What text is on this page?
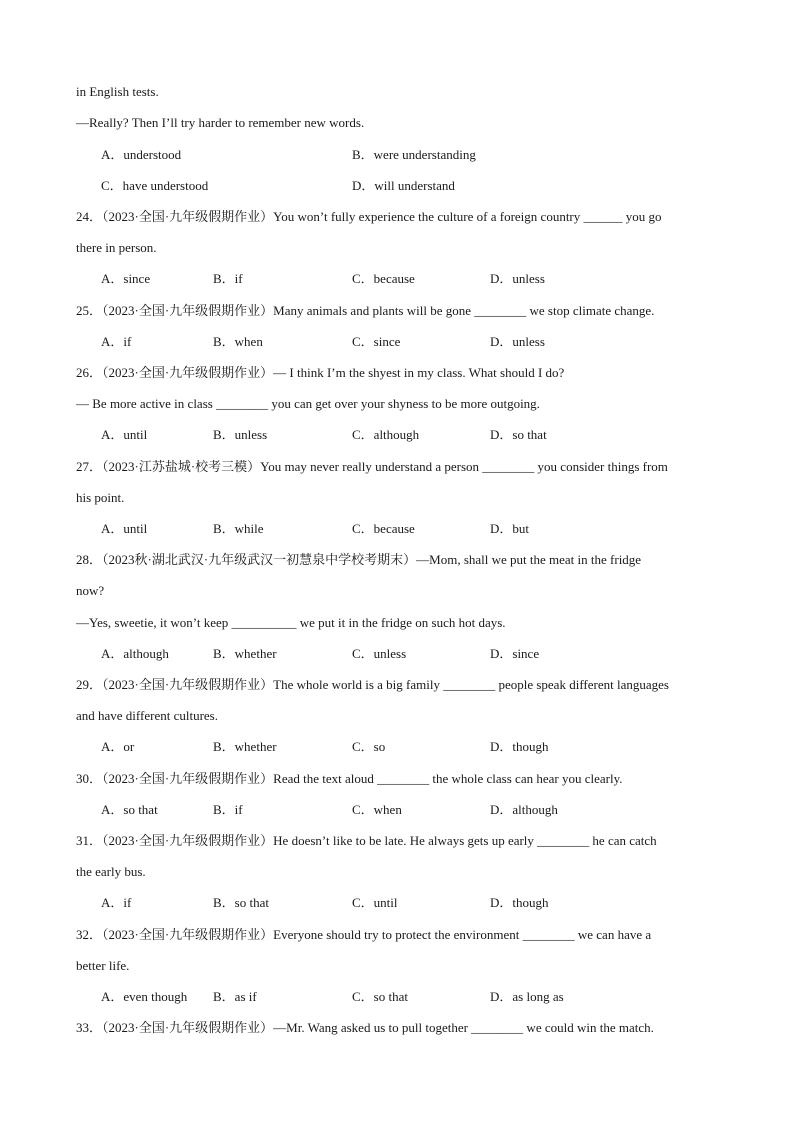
in English tests.
—Really? Then I’ll try harder to remember new words.
A．understood	B．were understanding
C．have understood	D．will understand
24．（2023·全国·九年级假期作业）You won’t fully experience the culture of a foreign country ______ you go
there in person.
A．since	B．if	C．because	D．unless
25．（2023·全国·九年级假期作业）Many animals and plants will be gone ________ we stop climate change.
A．if	B．when	C．since	D．unless
26．（2023·全国·九年级假期作业）— I think I’m the shyest in my class. What should I do?
— Be more active in class ________ you can get over your shyness to be more outgoing.
A．until	B．unless	C．although	D．so that
27．（2023·江苏盐城·校考三模）You may never really understand a person ________ you consider things from
his point.
A．until	B．while	C．because	D．but
28．（2023秋·湖北武汉·九年级武汉一初慧泉中学校考期末）—Mom, shall we put the meat in the fridge
now?
—Yes, sweetie, it won’t keep __________ we put it in the fridge on such hot days.
A．although	B．whether	C．unless	D．since
29．（2023·全国·九年级假期作业）The whole world is a big family ________ people speak different languages
and have different cultures.
A．or	B．whether	C．so	D．though
30．（2023·全国·九年级假期作业）Read the text aloud ________ the whole class can hear you clearly.
A．so that	B．if	C．when	D．although
31．（2023·全国·九年级假期作业）He doesn’t like to be late. He always gets up early ________ he can catch
the early bus.
A．if	B．so that	C．until	D．though
32．（2023·全国·九年级假期作业）Everyone should try to protect the environment ________ we can have a
better life.
A．even though B．as if	C．so that	D．as long as
33．（2023·全国·九年级假期作业）—Mr. Wang asked us to pull together ________ we could win the match.
